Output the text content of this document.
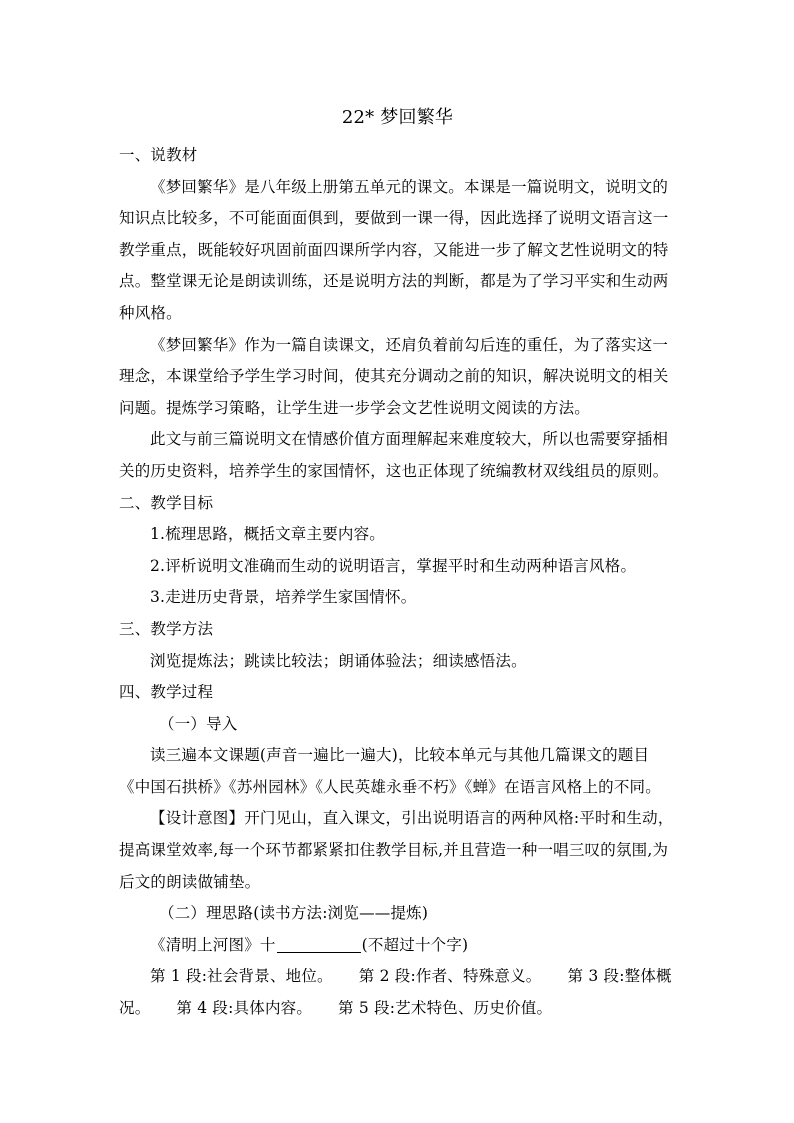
22* 梦回繁华

一、说教材

《梦回繁华》是八年级上册第五单元的课文。本课是一篇说明文，说明文的知识点比较多，不可能面面俱到，要做到一课一得，因此选择了说明文语言这一教学重点，既能较好巩固前面四课所学内容，又能进一步了解文艺性说明文的特点。整堂课无论是朗读训练，还是说明方法的判断，都是为了学习平实和生动两种风格。

《梦回繁华》作为一篇自读课文，还肩负着前勾后连的重任，为了落实这一理念，本课堂给予学生学习时间，使其充分调动之前的知识，解决说明文的相关问题。提炼学习策略，让学生进一步学会文艺性说明文阅读的方法。

此文与前三篇说明文在情感价值方面理解起来难度较大，所以也需要穿插相关的历史资料，培养学生的家国情怀，这也正体现了统编教材双线组员的原则。

二、教学目标

1.梳理思路，概括文章主要内容。

2.评析说明文准确而生动的说明语言，掌握平时和生动两种语言风格。

3.走进历史背景，培养学生家国情怀。

三、教学方法

浏览提炼法；跳读比较法；朗诵体验法；细读感悟法。

四、教学过程

（一）导入

读三遍本文课题(声音一遍比一遍大)，比较本单元与其他几篇课文的题目《中国石拱桥》《苏州园林》《人民英雄永垂不朽》《蝉》在语言风格上的不同。

【设计意图】开门见山，直入课文，引出说明语言的两种风格:平时和生动，提高课堂效率,每一个环节都紧紧扣住教学目标,并且营造一种一唱三叹的氛围,为后文的朗读做铺垫。

（二）理思路(读书方法:浏览——提炼)

《清明上河图》十	(不超过十个字)

第 1 段:社会背景、地位。 第 2 段:作者、特殊意义。 第 3 段:整体概况。 第 4 段:具体内容。 第 5 段:艺术特色、历史价值。
